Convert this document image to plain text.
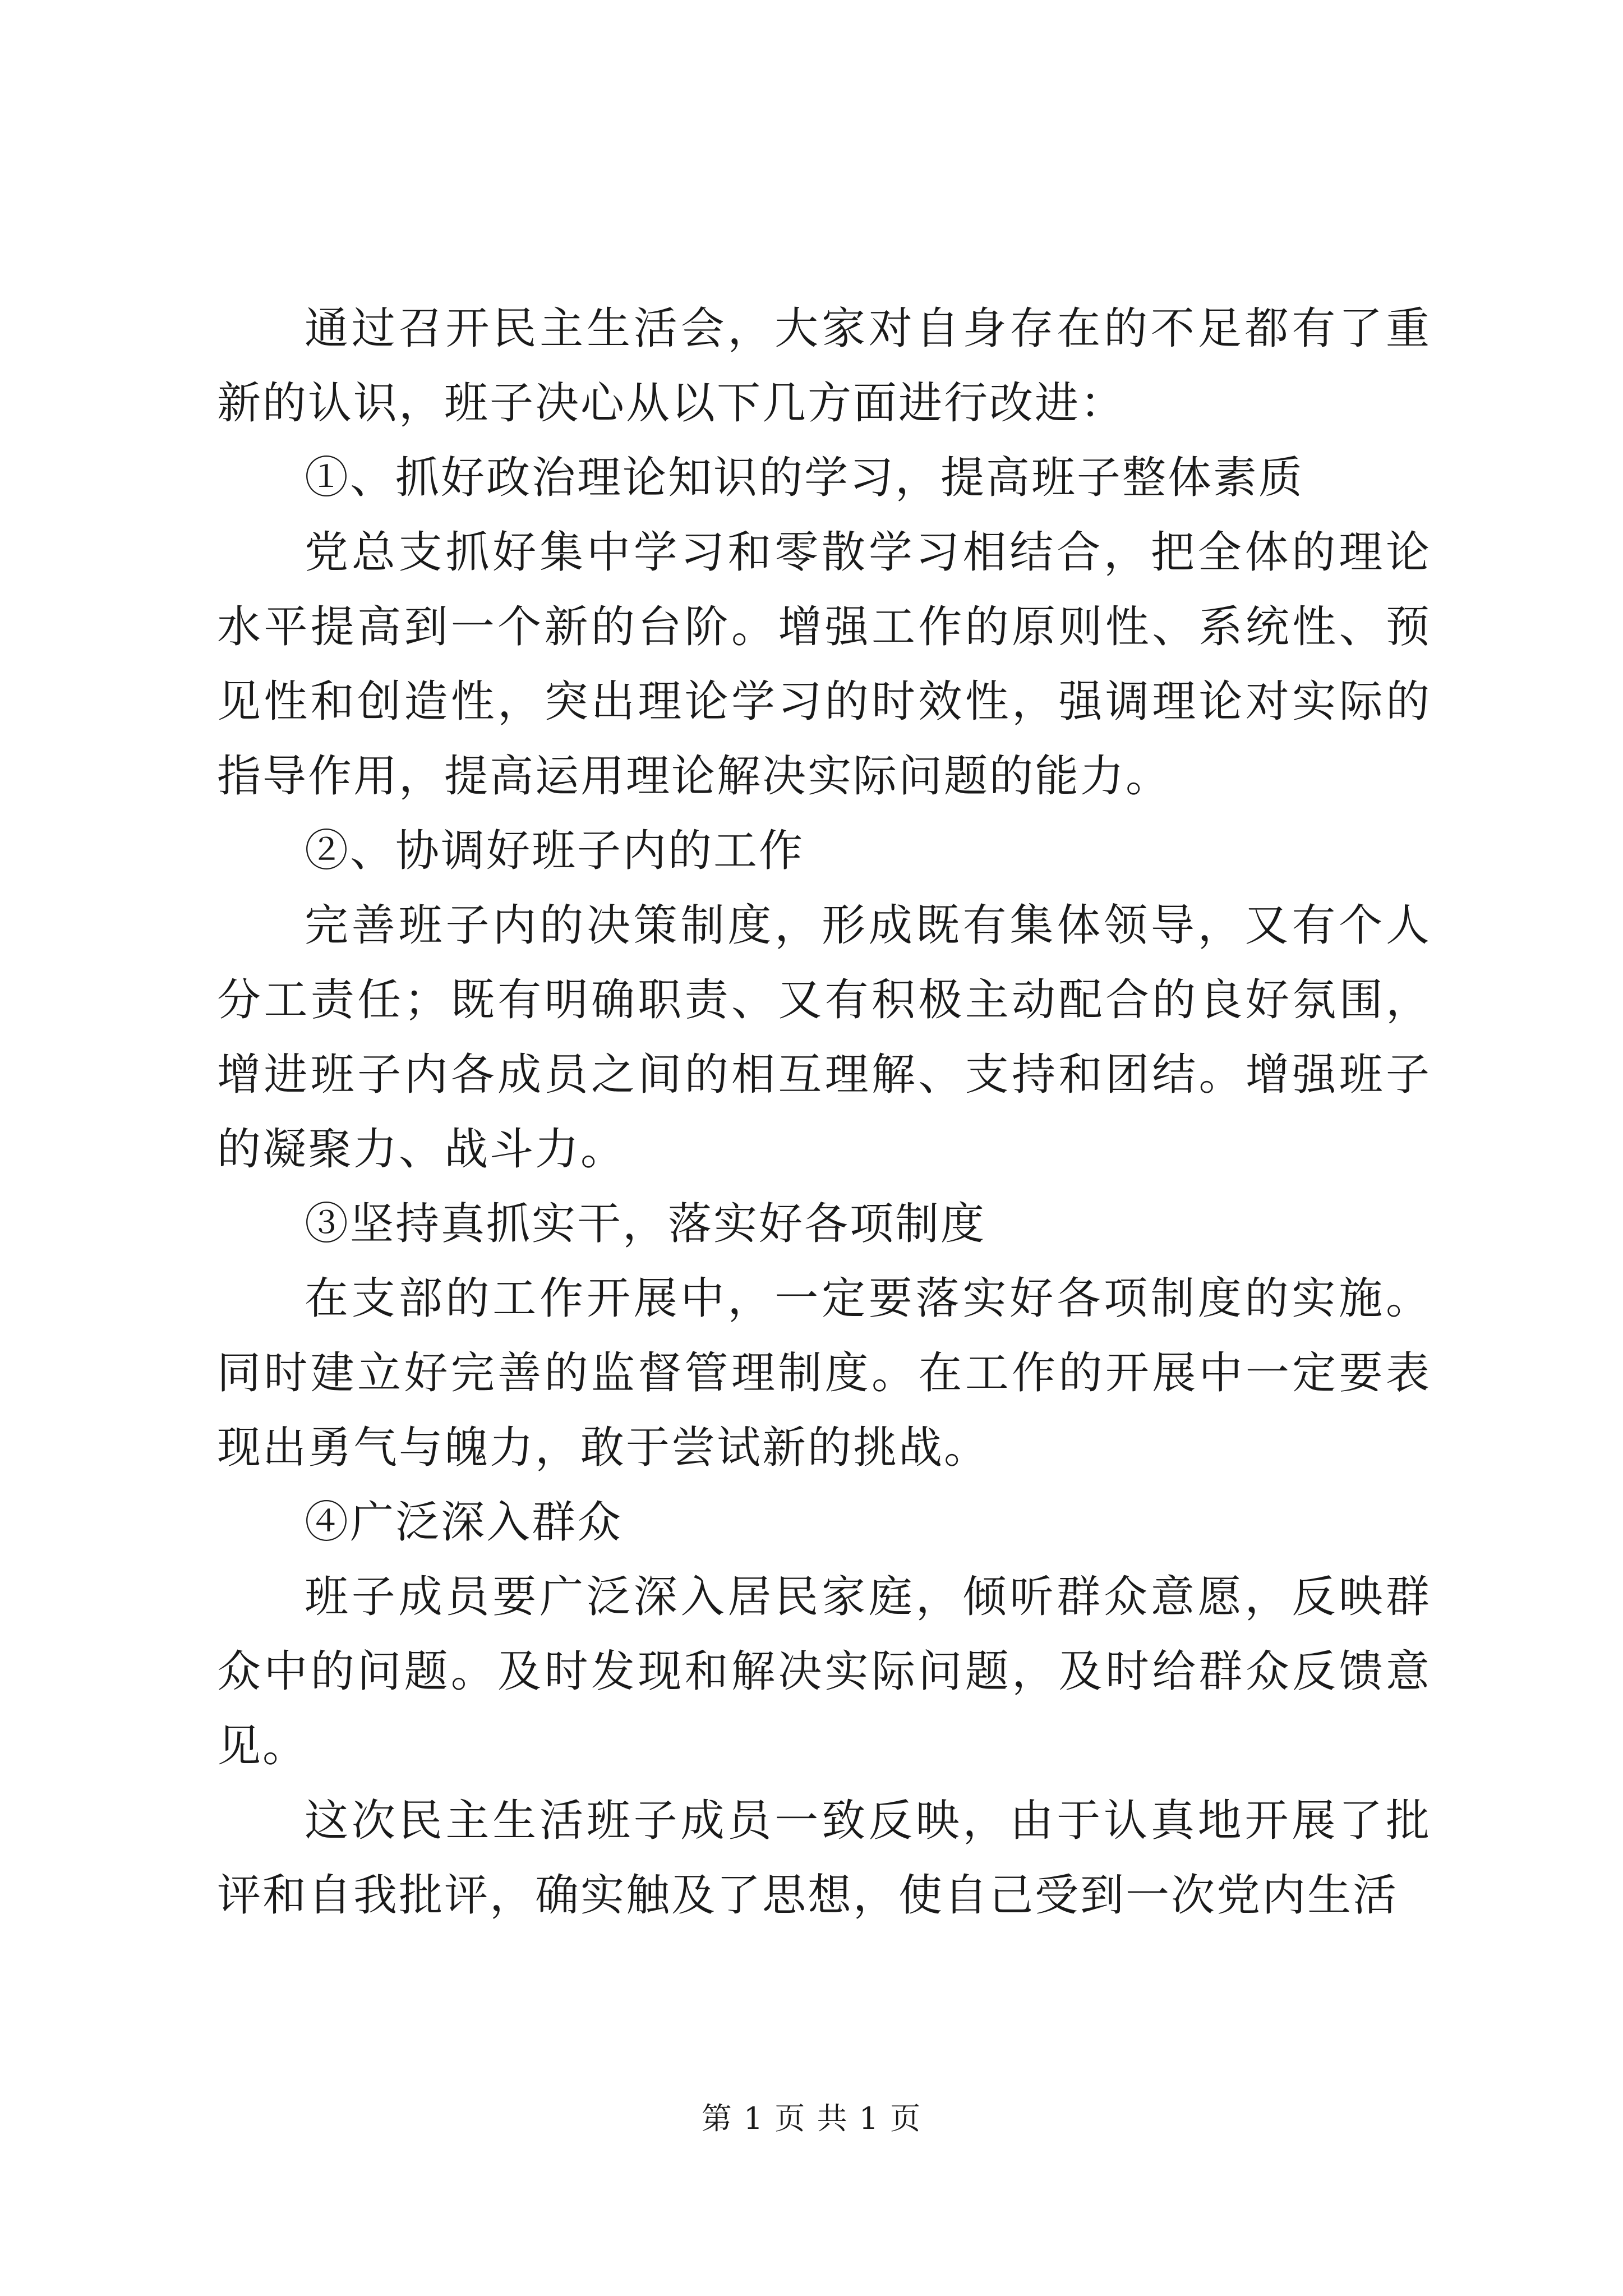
通过召开民主生活会，大家对自身存在的不足都有了重新的认识，班子决心从以下几方面进行改进：

①、抓好政治理论知识的学习，提高班子整体素质

党总支抓好集中学习和零散学习相结合，把全体的理论水平提高到一个新的台阶。增强工作的原则性、系统性、预见性和创造性，突出理论学习的时效性，强调理论对实际的指导作用，提高运用理论解决实际问题的能力。

②、协调好班子内的工作

完善班子内的决策制度，形成既有集体领导，又有个人分工责任；既有明确职责、又有积极主动配合的良好氛围，增进班子内各成员之间的相互理解、支持和团结。增强班子的凝聚力、战斗力。

③坚持真抓实干，落实好各项制度

在支部的工作开展中，一定要落实好各项制度的实施。同时建立好完善的监督管理制度。在工作的开展中一定要表现出勇气与魄力，敢于尝试新的挑战。

④广泛深入群众

班子成员要广泛深入居民家庭，倾听群众意愿，反映群众中的问题。及时发现和解决实际问题，及时给群众反馈意见。

这次民主生活班子成员一致反映，由于认真地开展了批评和自我批评，确实触及了思想，使自己受到一次党内生活

第 1 页 共 1 页
